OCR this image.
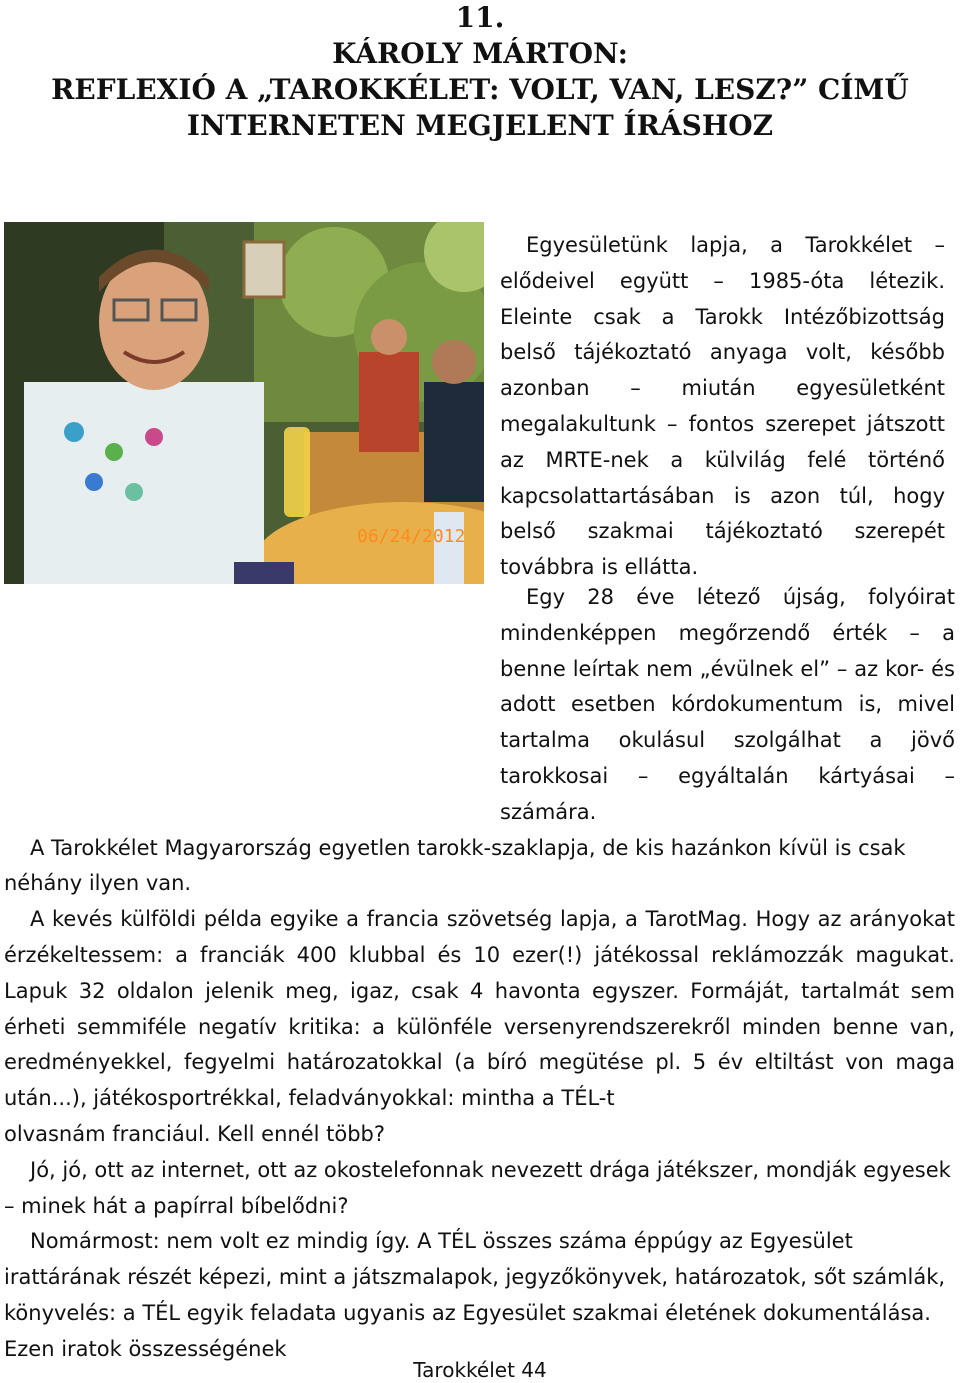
11.
KÁROLY MÁRTON:
REFLEXIÓ A „TAROKKÉLET: VOLT, VAN, LESZ?” CÍMŰ
INTERNETEN MEGJELENT ÍRÁSHOZ
06/24/2012

Egyesületünk lapja, a Tarokkélet – elődeivel együtt – 1985-óta létezik. Eleinte csak a Tarokk Intézőbizottság belső tájékoztató anyaga volt, később azonban – miután egyesületként megalakultunk – fontos szerepet játszott az MRTE-nek a külvilág felé történő kapcsolattartásában is azon túl, hogy belső szakmai tájékoztató szerepét továbbra is ellátta.

Egy 28 éve létező újság, folyóirat mindenképpen megőrzendő érték – a benne leírtak nem „évülnek el” – az kor- és adott esetben kórdokumentum is, mivel tartalma okulásul szolgálhat a jövő tarokkosai – egyáltalán kártyásai – számára.

A Tarokkélet Magyarország egyetlen tarokk-szaklapja, de kis hazánkon kívül is csak néhány ilyen van.

A kevés külföldi példa egyike a francia szövetség lapja, a TarotMag. Hogy az arányokat érzékeltessem: a franciák 400 klubbal és 10 ezer(!) játékossal reklámozzák magukat. Lapuk 32 oldalon jelenik meg, igaz, csak 4 havonta egyszer. Formáját, tartalmát sem érheti semmiféle negatív kritika: a különféle versenyrendszerekről minden benne van, eredményekkel, fegyelmi határozatokkal (a bíró megütése pl. 5 év eltiltást von maga után...), játékosportrékkal, feladványokkal: mintha a TÉL-t

olvasnám franciául. Kell ennél több?

Jó, jó, ott az internet, ott az okostelefonnak nevezett drága játékszer, mondják egyesek – minek hát a papírral bíbelődni?

Nomármost: nem volt ez mindig így. A TÉL összes száma éppúgy az Egyesület irattárának részét képezi, mint a játszmalapok, jegyzőkönyvek, határozatok, sőt számlák, könyvelés: a TÉL egyik feladata ugyanis az Egyesület szakmai életének dokumentálása. Ezen iratok összességének

Tarokkélet 44
